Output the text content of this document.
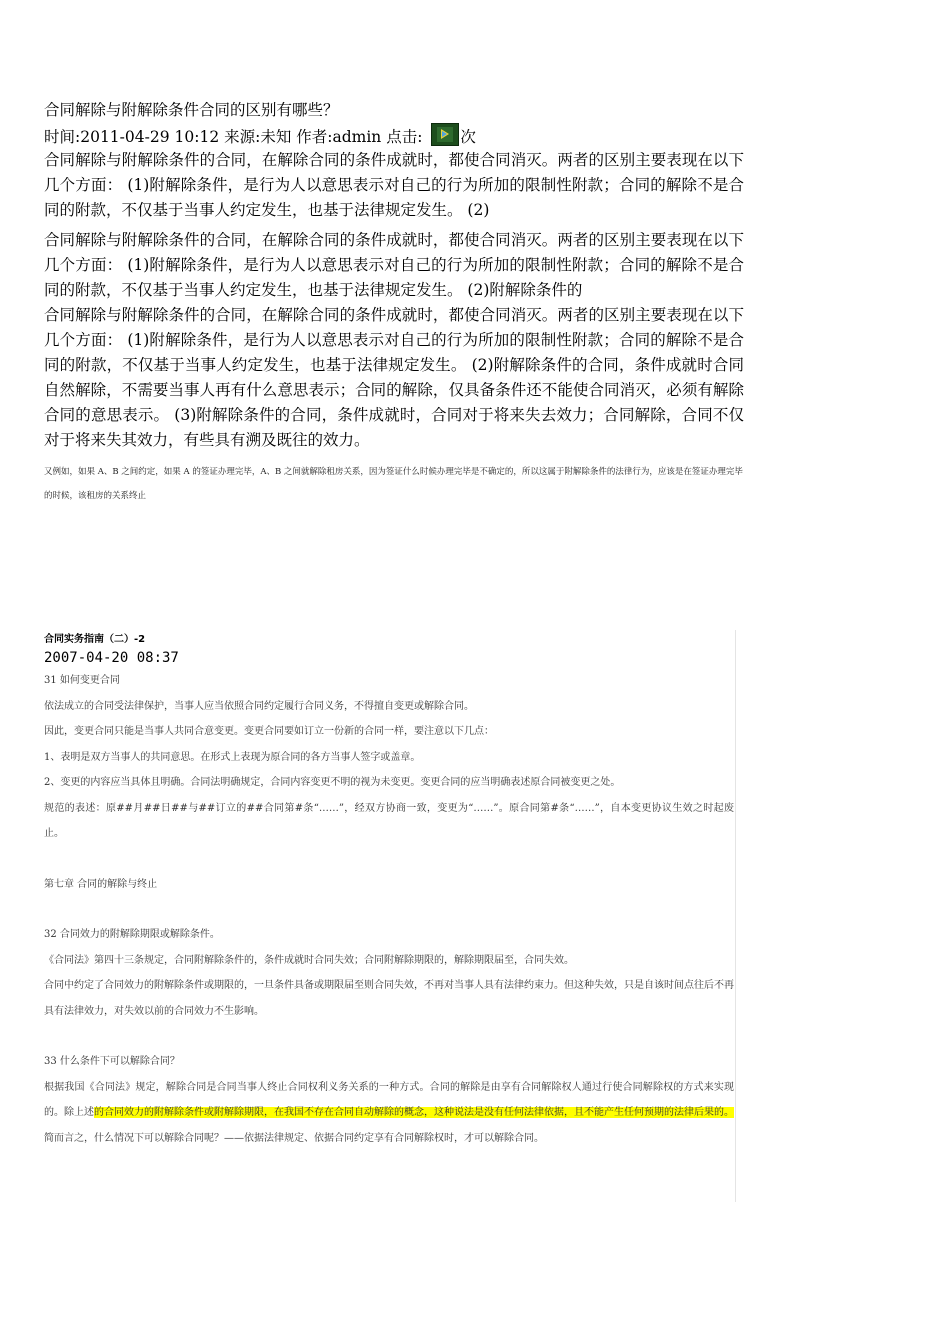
合同解除与附解除条件合同的区别有哪些？
时间:2011-04-29 10:12 来源:未知 作者:admin 点击:
次

合同解除与附解除条件的合同，在解除合同的条件成就时，都使合同消灭。两者的区别主要表现在以下几个方面： (1)附解除条件，是行为人以意思表示对自己的行为所加的限制性附款；合同的解除不是合同的附款，不仅基于当事人约定发生，也基于法律规定发生。 (2)

合同解除与附解除条件的合同，在解除合同的条件成就时，都使合同消灭。两者的区别主要表现在以下几个方面： (1)附解除条件，是行为人以意思表示对自己的行为所加的限制性附款；合同的解除不是合同的附款，不仅基于当事人约定发生，也基于法律规定发生。 (2)附解除条件的

合同解除与附解除条件的合同，在解除合同的条件成就时，都使合同消灭。两者的区别主要表现在以下几个方面： (1)附解除条件，是行为人以意思表示对自己的行为所加的限制性附款；合同的解除不是合同的附款，不仅基于当事人约定发生，也基于法律规定发生。 (2)附解除条件的合同，条件成就时合同自然解除，不需要当事人再有什么意思表示；合同的解除，仅具备条件还不能使合同消灭，必须有解除合同的意思表示。 (3)附解除条件的合同，条件成就时，合同对于将来失去效力；合同解除，合同不仅对于将来失其效力，有些具有溯及既往的效力。

又例如，如果 A、B 之间约定，如果 A 的签证办理完毕，A、B 之间就解除租房关系，因为签证什么时候办理完毕是不确定的，所以这属于附解除条件的法律行为，应该是在签证办理完毕的时候，该租房的关系终止
合同实务指南（二）-2
2007-04-20 08:37

31 如何变更合同

依法成立的合同受法律保护，当事人应当依照合同约定履行合同义务，不得擅自变更或解除合同。

因此，变更合同只能是当事人共同合意变更。变更合同要如订立一份新的合同一样，要注意以下几点：

1、表明是双方当事人的共同意思。在形式上表现为原合同的各方当事人签字或盖章。

2、变更的内容应当具体且明确。合同法明确规定，合同内容变更不明的视为未变更。变更合同的应当明确表述原合同被变更之处。

规范的表述：原##月##日##与##订立的##合同第#条“……”，经双方协商一致，变更为“……”。原合同第#条“……”，自本变更协议生效之时起废止。

第七章 合同的解除与终止

32 合同效力的附解除期限或解除条件。

《合同法》第四十三条规定，合同附解除条件的，条件成就时合同失效；合同附解除期限的，解除期限届至，合同失效。

合同中约定了合同效力的附解除条件或期限的，一旦条件具备或期限届至则合同失效，不再对当事人具有法律约束力。但这种失效，只是自该时间点往后不再具有法律效力，对失效以前的合同效力不生影响。

33 什么条件下可以解除合同？

根据我国《合同法》规定，解除合同是合同当事人终止合同权利义务关系的一种方式。合同的解除是由享有合同解除权人通过行使合同解除权的方式来实现的。除上述的合同效力的附解除条件或附解除期限，在我国不存在合同自动解除的概念，这种说法是没有任何法律依据，且不能产生任何预期的法律后果的。

简而言之，什么情况下可以解除合同呢？——依据法律规定、依据合同约定享有合同解除权时，才可以解除合同。
